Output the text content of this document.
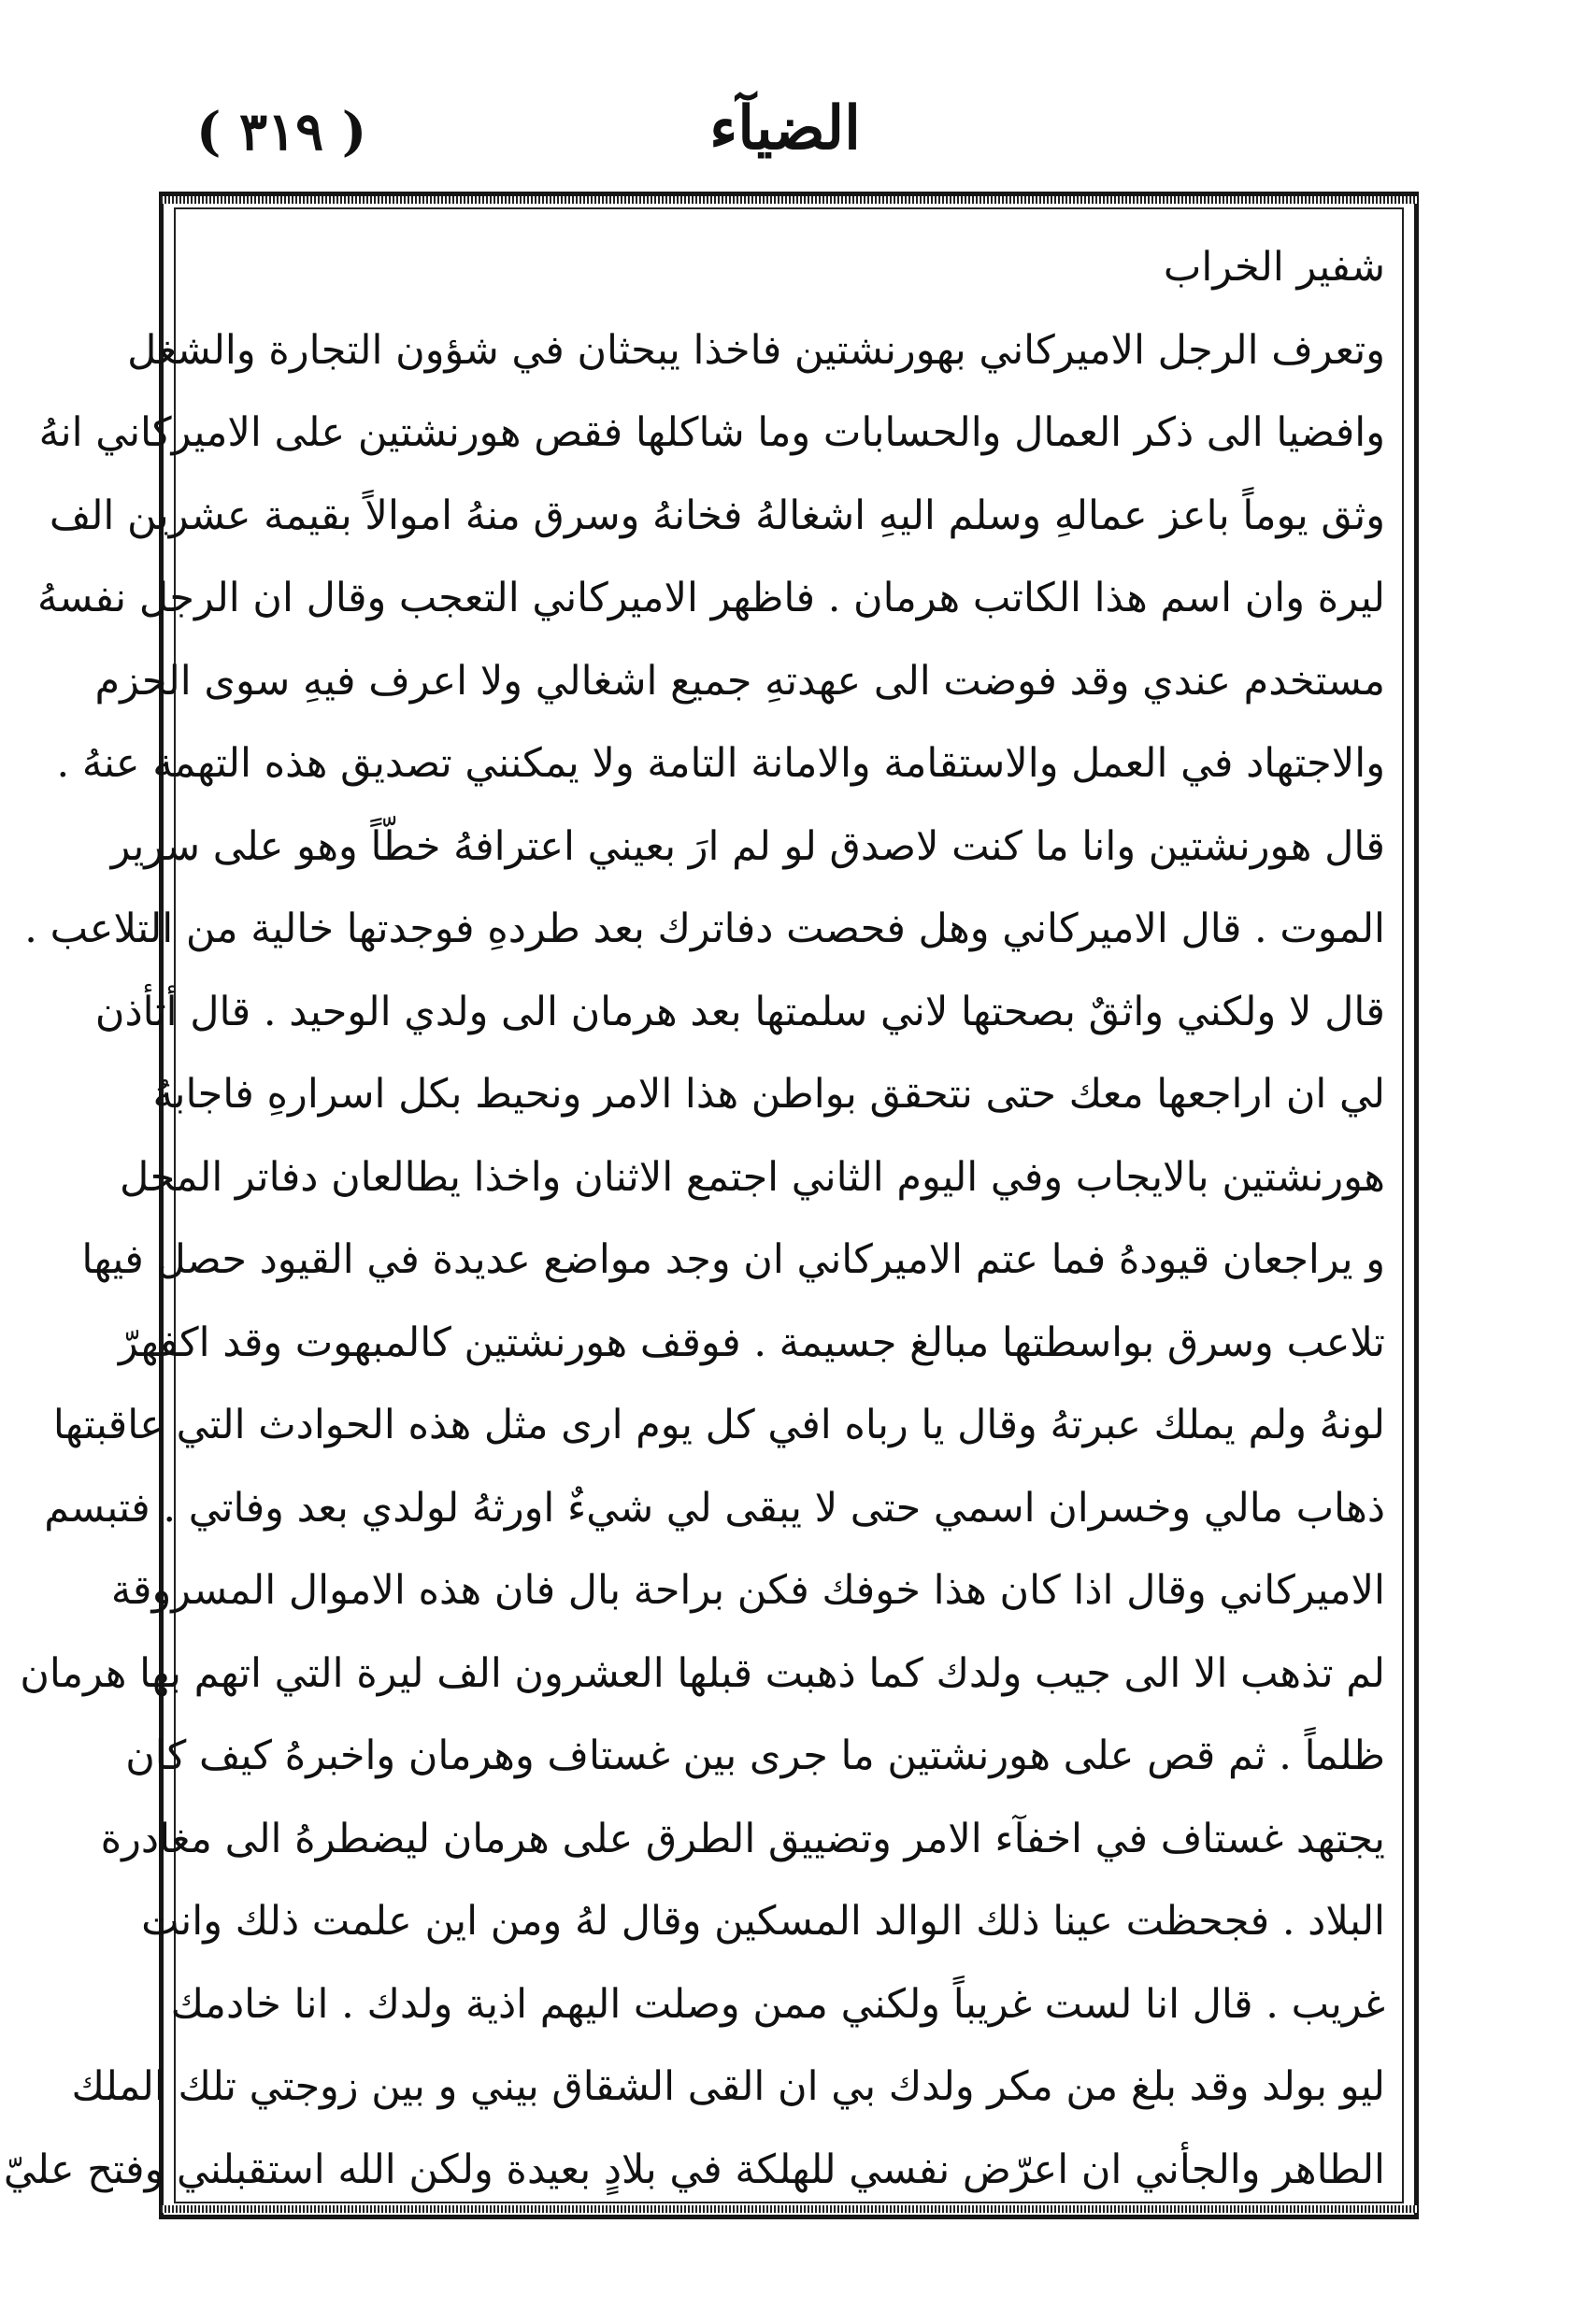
( ٣١٩ )	الضيآء
شفير الخراب
وتعرف الرجل الاميركاني بهورنشتين فاخذا يبحثان في شؤون التجارة والشغل
وافضيا الى ذكر العمال والحسابات وما شاكلها فقص هورنشتين على الاميركاني انهُ
وثق يوماً باعز عمالهِ وسلم اليهِ اشغالهُ فخانهُ وسرق منهُ اموالاً بقيمة عشرين الف
ليرة وان اسم هذا الكاتب هرمان . فاظهر الاميركاني التعجب وقال ان الرجل نفسهُ
مستخدم عندي وقد فوضت الى عهدتهِ جميع اشغالي ولا اعرف فيهِ سوى الحزم
والاجتهاد في العمل والاستقامة والامانة التامة ولا يمكنني تصديق هذه التهمة عنهُ .
قال هورنشتين وانا ما كنت لاصدق لو لم ارَ بعيني اعترافهُ خطّاً وهو على سرير
الموت . قال الاميركاني وهل فحصت دفاترك بعد طردهِ فوجدتها خالية من التلاعب .
قال لا ولكني واثقٌ بصحتها لاني سلمتها بعد هرمان الى ولدي الوحيد . قال أتأذن
لي ان اراجعها معك حتى نتحقق بواطن هذا الامر ونحيط بكل اسرارهِ فاجابهُ
هورنشتين بالايجاب وفي اليوم الثاني اجتمع الاثنان واخذا يطالعان دفاتر المحل
و يراجعان قيودهُ فما عتم الاميركاني ان وجد مواضع عديدة في القيود حصل فيها
تلاعب وسرق بواسطتها مبالغ جسيمة . فوقف هورنشتين كالمبهوت وقد اكفهرّ
لونهُ ولم يملك عبرتهُ وقال يا رباه افي كل يوم ارى مثل هذه الحوادث التي عاقبتها
ذهاب مالي وخسران اسمي حتى لا يبقى لي شيءٌ اورثهُ لولدي بعد وفاتي . فتبسم
الاميركاني وقال اذا كان هذا خوفك فكن براحة بال فان هذه الاموال المسروقة
لم تذهب الا الى جيب ولدك كما ذهبت قبلها العشرون الف ليرة التي اتهم بها هرمان
ظلماً . ثم قص على هورنشتين ما جرى بين غستاف وهرمان واخبرهُ كيف كان
يجتهد غستاف في اخفآء الامر وتضييق الطرق على هرمان ليضطرهُ الى مغادرة
البلاد . فجحظت عينا ذلك الوالد المسكين وقال لهُ ومن اين علمت ذلك وانت
غريب . قال انا لست غريباً ولكني ممن وصلت اليهم اذية ولدك . انا خادمك
ليو بولد وقد بلغ من مكر ولدك بي ان القى الشقاق بيني و بين زوجتي تلك الملك
الطاهر والجأني ان اعرّض نفسي للهلكة في بلادٍ بعيدة ولكن الله استقبلني وفتح عليّ
